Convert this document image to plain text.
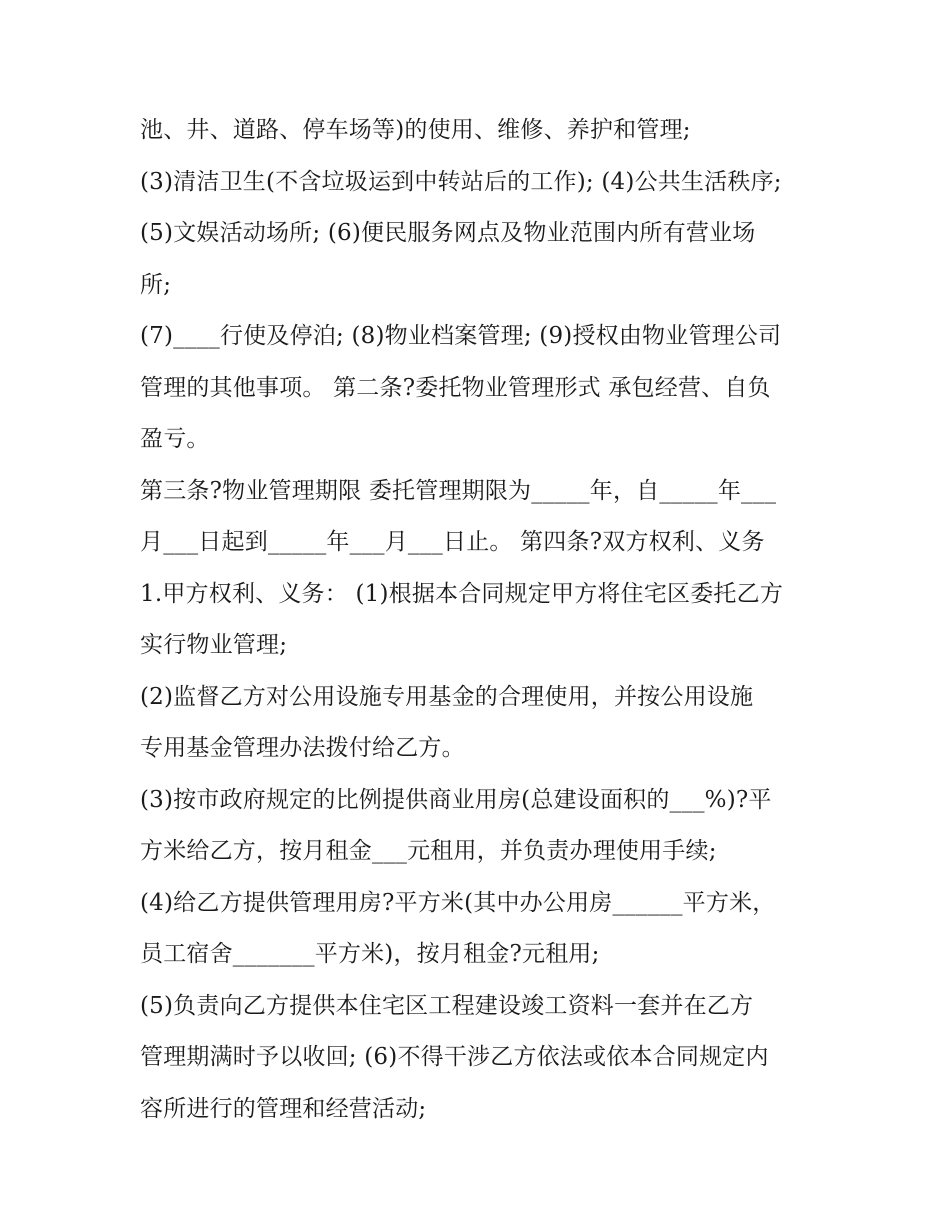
池、井、道路、停车场等)的使用、维修、养护和管理;
(3)清洁卫生(不含垃圾运到中转站后的工作); (4)公共生活秩序;
(5)文娱活动场所; (6)便民服务网点及物业范围内所有营业场
所;
(7)____行使及停泊; (8)物业档案管理; (9)授权由物业管理公司
管理的其他事项。 第二条?委托物业管理形式 承包经营、自负
盈亏。
第三条?物业管理期限 委托管理期限为_____年，自_____年___
月___日起到_____年___月___日止。 第四条?双方权利、义务
1.甲方权利、义务： (1)根据本合同规定甲方将住宅区委托乙方
实行物业管理;
(2)监督乙方对公用设施专用基金的合理使用，并按公用设施
专用基金管理办法拨付给乙方。
(3)按市政府规定的比例提供商业用房(总建设面积的___%)?平
方米给乙方，按月租金___元租用，并负责办理使用手续;
(4)给乙方提供管理用房?平方米(其中办公用房______平方米，
员工宿舍_______平方米)，按月租金?元租用;
(5)负责向乙方提供本住宅区工程建设竣工资料一套并在乙方
管理期满时予以收回; (6)不得干涉乙方依法或依本合同规定内
容所进行的管理和经营活动;
